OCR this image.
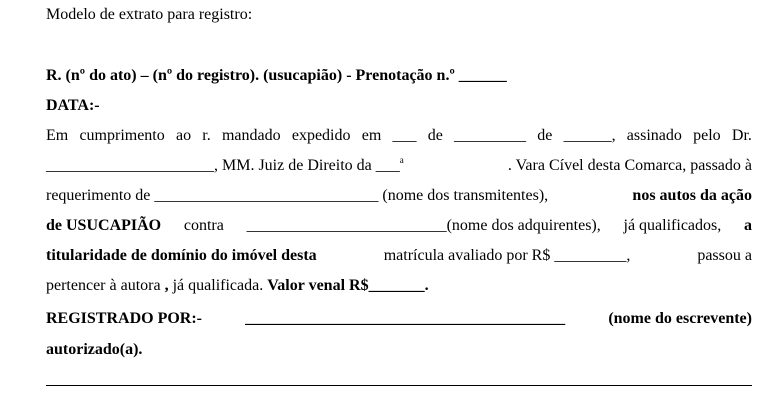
Modelo de extrato para registro:
R. (nº do ato) – (nº do registro). (usucapião) - Prenotação n.º ______
DATA:-
Em cumprimento ao r. mandado expedido em ___ de _________ de ______, assinado pelo Dr.
_____________________, MM. Juiz de Direito da ___$^a$	. Vara Cível desta Comarca, passado à
requerimento de ____________________________ (nome dos transmitentes),	nos autos da ação
de USUCAPIÃO contra _________________________(nome dos adquirentes), já qualificados, a
titularidade de domínio do imóvel desta	matrícula avaliado por R$ _________,	passou a
pertencer à autora , já qualificada. Valor venal R$_______.
REGISTRADO POR:-	________________________________________	(nome do escrevente)
autorizado(a).
